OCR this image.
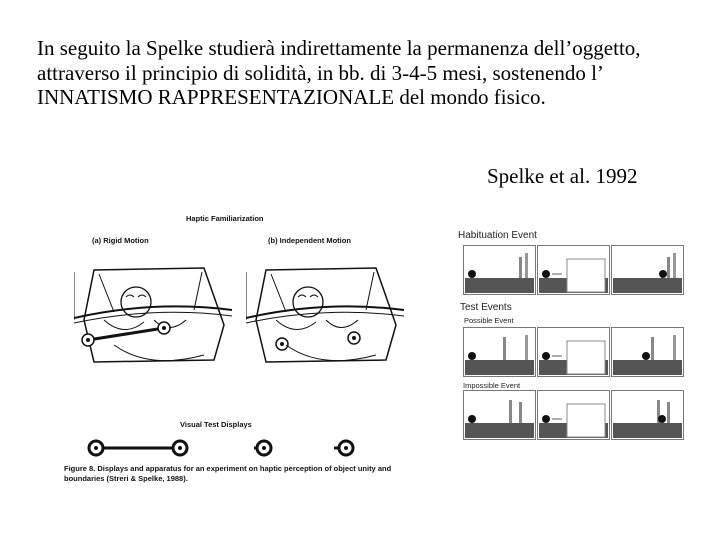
In seguito la Spelke studierà indirettamente la permanenza dell’oggetto, attraverso il principio di solidità, in bb. di 3-4-5 mesi, sostenendo l’ INNATISMO RAPPRESENTAZIONALE del mondo fisico.

Spelke et al. 1992
Haptic Familiarization
(a) Rigid Motion	(b) Independent Motion
Visual Test Displays
Figure 8. Displays and apparatus for an experiment on haptic perception of object unity and boundaries (Streri & Spelke, 1988).
Habituation Event
Test Events
Possible Event
Impossible Event
